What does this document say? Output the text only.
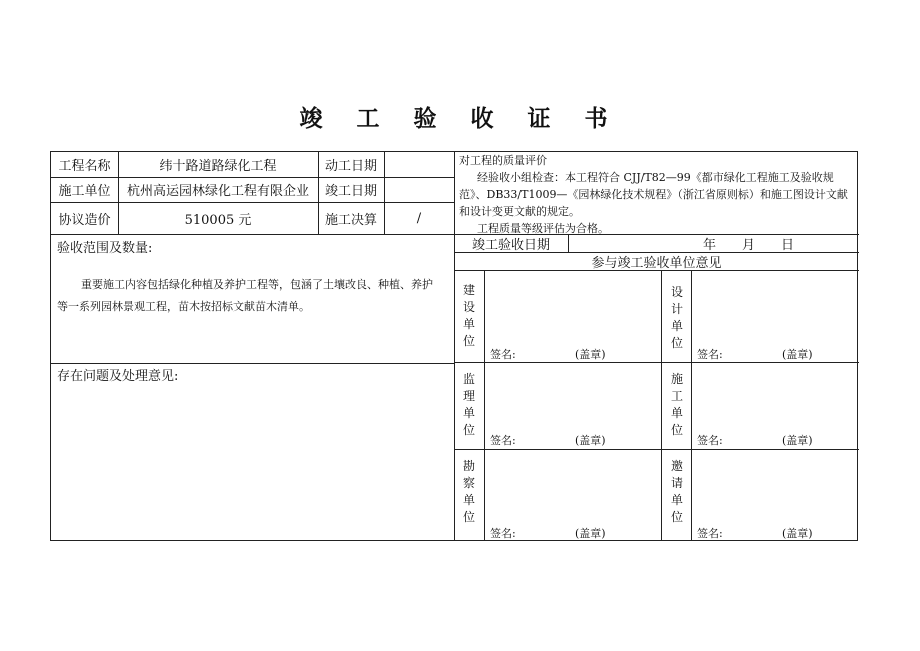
竣 工 验 收 证 书
工程名称	纬十路道路绿化工程	动工日期
施工单位	杭州高运园林绿化工程有限企业	竣工日期
协议造价	510005 元	施工决算	/
对工程的质量评价
经验收小组检查：本工程符合 CJJ/T82—99《都市绿化工程施工及验收规
范》、DB33/T1009—《园林绿化技术规程》（浙江省原则标）和施工图设计文献
和设计变更文献的规定。
工程质量等级评估为合格。
验收范围及数量:
重要施工内容包括绿化种植及养护工程等，包涵了土壤改良、种植、养护
等一系列园林景观工程，苗木按招标文献苗木清单。
存在问题及处理意见:
竣工验收日期	年　　月　　日
参与竣工验收单位意见
建
设
单
位
签名:	(盖章)
设
计
单
位
签名:	(盖章)
监
理
单
位
签名:	(盖章)
施
工
单
位
签名:	(盖章)
勘
察
单
位
签名:	(盖章)
邀
请
单
位
签名:	(盖章)
